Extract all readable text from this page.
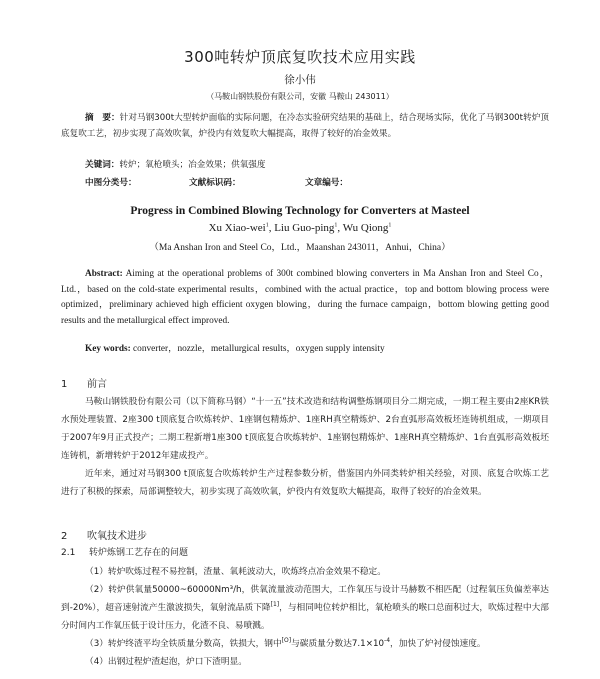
300吨转炉顶底复吹技术应用实践
徐小伟
（马鞍山钢铁股份有限公司，安徽 马鞍山 243011）
摘　要：针对马钢300t大型转炉面临的实际问题，在冷态实验研究结果的基础上，结合现场实际，优化了马钢300t转炉顶底复吹工艺，初步实现了高效吹氧，炉役内有效复吹大幅提高，取得了较好的冶金效果。
关键词：转炉；氧枪喷头；冶金效果；供氧强度
中图分类号：	文献标识码：	文章编号：
Progress in Combined Blowing Technology for Converters at Masteel
Xu Xiao-wei$^1$, Liu Guo-ping$^1$, Wu Qiong$^1$
（Ma Anshan Iron and Steel Co，Ltd.，Maanshan 243011，Anhui，China）
Abstract: Aiming at the operational problems of 300t combined blowing converters in Ma Anshan Iron and Steel Co，Ltd.，based on the cold-state experimental results，combined with the actual practice，top and bottom blowing process were optimized，preliminary achieved high efficient oxygen blowing，during the furnace campaign，bottom blowing getting good results and the metallurgical effect improved.
Key words: converter，nozzle，metallurgical results，oxygen supply intensity
1 前言
马鞍山钢铁股份有限公司（以下简称马钢）“十一五”技术改造和结构调整炼钢项目分二期完成，一期工程主要由2座KR铁水预处理装置、2座300 t顶底复合吹炼转炉、1座钢包精炼炉、1座RH真空精炼炉、2台直弧形高效板坯连铸机组成，一期项目于2007年9月正式投产；二期工程新增1座300 t顶底复合吹炼转炉、1座钢包精炼炉、1座RH真空精炼炉、1台直弧形高效板坯连铸机，新增转炉于2012年建成投产。
近年来，通过对马钢300 t顶底复合吹炼转炉生产过程参数分析，借鉴国内外同类转炉相关经验，对顶、底复合吹炼工艺进行了积极的探索，局部调整较大，初步实现了高效吹氧，炉役内有效复吹大幅提高，取得了较好的冶金效果。
2 吹氧技术进步
2.1 转炉炼钢工艺存在的问题
（1）转炉吹炼过程不易控制，渣量、氧耗波动大，吹炼终点冶金效果不稳定。
（2）转炉供氧量50000~60000Nm³/h，供氧流量波动范围大，工作氧压与设计马赫数不相匹配（过程氧压负偏差率达到-20%），超音速射流产生激波损失，氧射流品质下降[1]，与相同吨位转炉相比，氧枪喷头的喉口总面积过大，吹炼过程中大部分时间内工作氧压低于设计压力，化渣不良、易喷溅。
（3）转炉终渣平均全铁质量分数高，铁损大，钢中[O]与碳质量分数达$7.1\times 10^{-4}$，加快了炉衬侵蚀速度。
（4）出钢过程炉渣起泡，炉口下渣明显。
